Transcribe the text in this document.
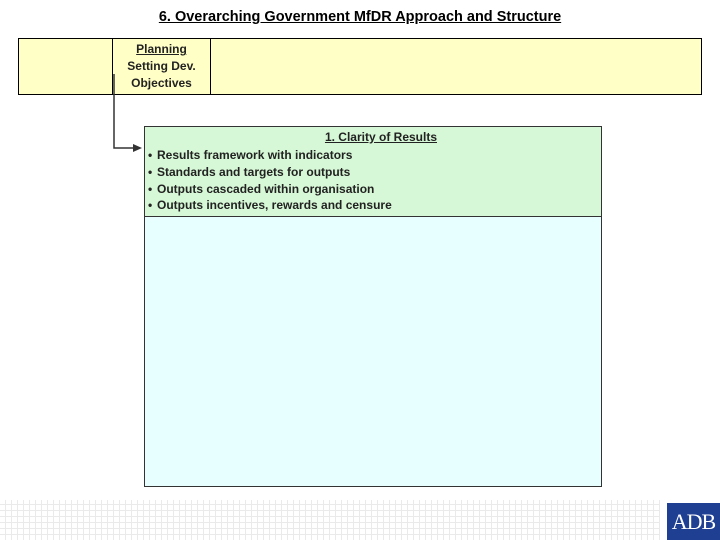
6. Overarching Government MfDR Approach and Structure
Planning
Setting Dev.
Objectives
1. Clarity of Results
• Results framework with indicators
• Standards and targets for outputs
• Outputs cascaded within organisation
• Outputs incentives, rewards and censure
ADB
